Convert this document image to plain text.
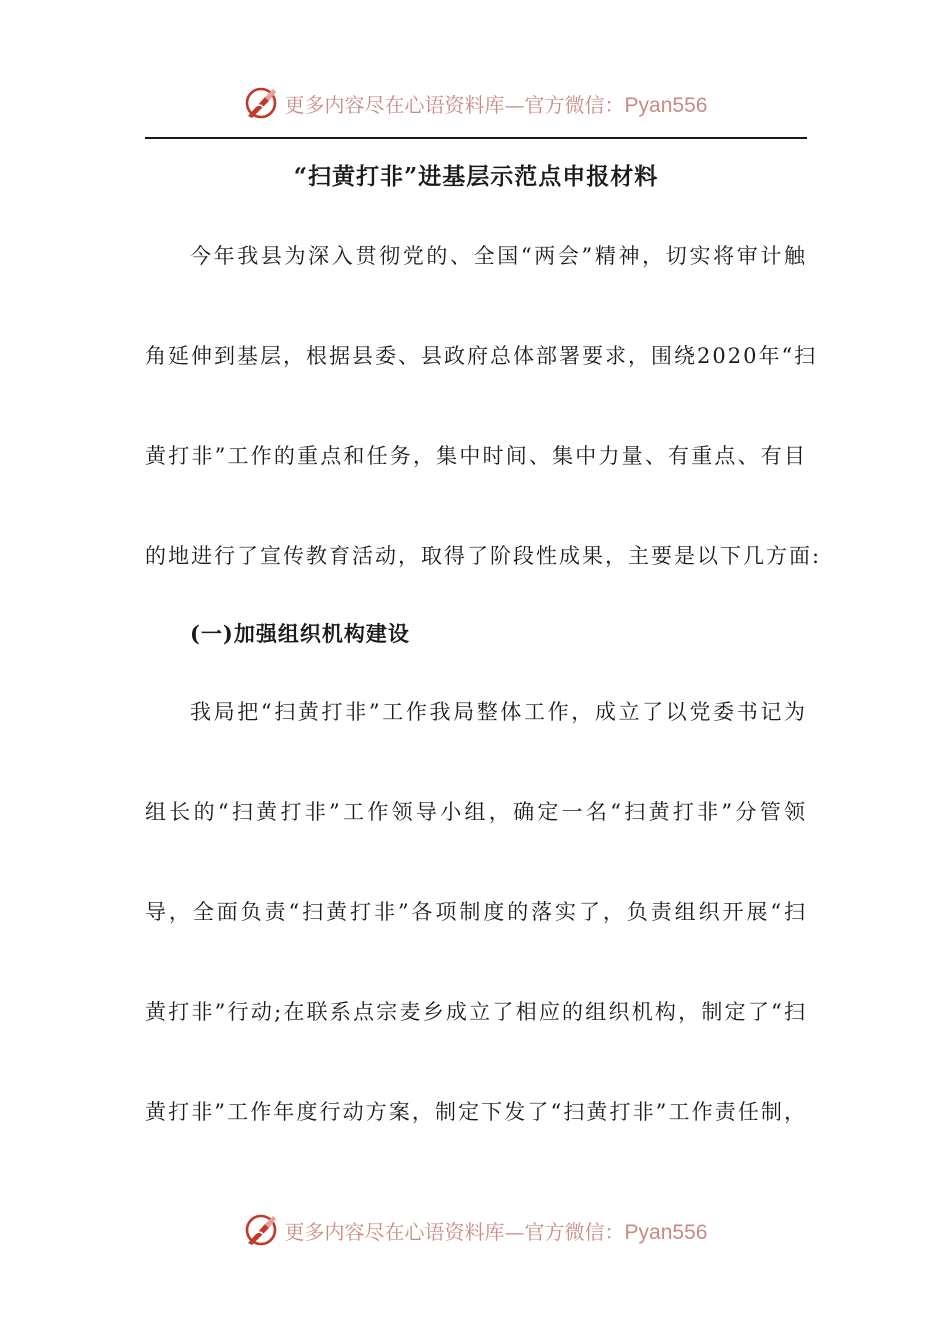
更多内容尽在心语资料库—官方微信：Pyan556
“扫黄打非”进基层示范点申报材料
今年我县为深入贯彻党的、全国“两会”精神，切实将审计触
角延伸到基层，根据县委、县政府总体部署要求，围绕2020年“扫
黄打非”工作的重点和任务，集中时间、集中力量、有重点、有目
的地进行了宣传教育活动，取得了阶段性成果，主要是以下几方面:
(一)加强组织机构建设
我局把“扫黄打非”工作我局整体工作，成立了以党委书记为
组长的“扫黄打非”工作领导小组，确定一名“扫黄打非”分管领
导，全面负责“扫黄打非”各项制度的落实了，负责组织开展“扫
黄打非”行动;在联系点宗麦乡成立了相应的组织机构，制定了“扫
黄打非”工作年度行动方案，制定下发了“扫黄打非”工作责任制，
更多内容尽在心语资料库—官方微信：Pyan556
